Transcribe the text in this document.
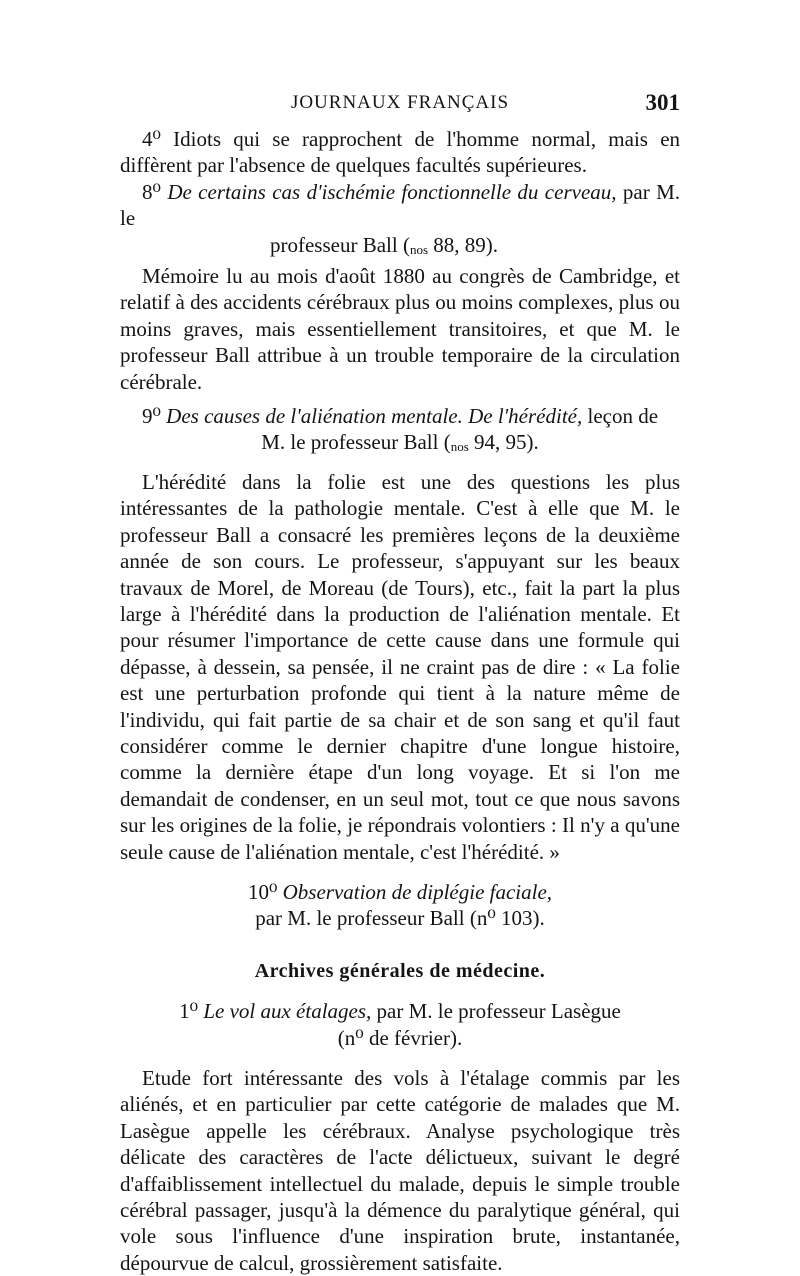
JOURNAUX FRANÇAIS	301

4⁰ Idiots qui se rapprochent de l'homme normal, mais en diffèrent par l'absence de quelques facultés supérieures.

8⁰ De certains cas d'ischémie fonctionnelle du cerveau, par M. le

professeur Ball ($_{nos}$ 88, 89).

Mémoire lu au mois d'août 1880 au congrès de Cambridge, et relatif à des accidents cérébraux plus ou moins complexes, plus ou moins graves, mais essentiellement transitoires, et que M. le professeur Ball attribue à un trouble temporaire de la circulation cérébrale.

9⁰ Des causes de l'aliénation mentale. De l'hérédité, leçon de

M. le professeur Ball ($_{nos}$ 94, 95).

L'hérédité dans la folie est une des questions les plus intéressantes de la pathologie mentale. C'est à elle que M. le professeur Ball a consacré les premières leçons de la deuxième année de son cours. Le professeur, s'appuyant sur les beaux travaux de Morel, de Moreau (de Tours), etc., fait la part la plus large à l'hérédité dans la production de l'aliénation mentale. Et pour résumer l'importance de cette cause dans une formule qui dépasse, à dessein, sa pensée, il ne craint pas de dire : « La folie est une perturbation profonde qui tient à la nature même de l'individu, qui fait partie de sa chair et de son sang et qu'il faut considérer comme le dernier chapitre d'une longue histoire, comme la dernière étape d'un long voyage. Et si l'on me demandait de condenser, en un seul mot, tout ce que nous savons sur les origines de la folie, je répondrais volontiers : Il n'y a qu'une seule cause de l'aliénation mentale, c'est l'hérédité. »

10⁰ Observation de diplégie faciale,

par M. le professeur Ball (n⁰ 103).

Archives générales de médecine.

1⁰ Le vol aux étalages, par M. le professeur Lasègue

(n⁰ de février).

Etude fort intéressante des vols à l'étalage commis par les aliénés, et en particulier par cette catégorie de malades que M. Lasègue appelle les cérébraux. Analyse psychologique très délicate des caractères de l'acte délictueux, suivant le degré d'affaiblissement intellectuel du malade, depuis le simple trouble cérébral passager, jusqu'à la démence du paralytique général, qui vole sous l'influence d'une inspiration brute, instantanée, dépourvue de calcul, grossièrement satisfaite.
